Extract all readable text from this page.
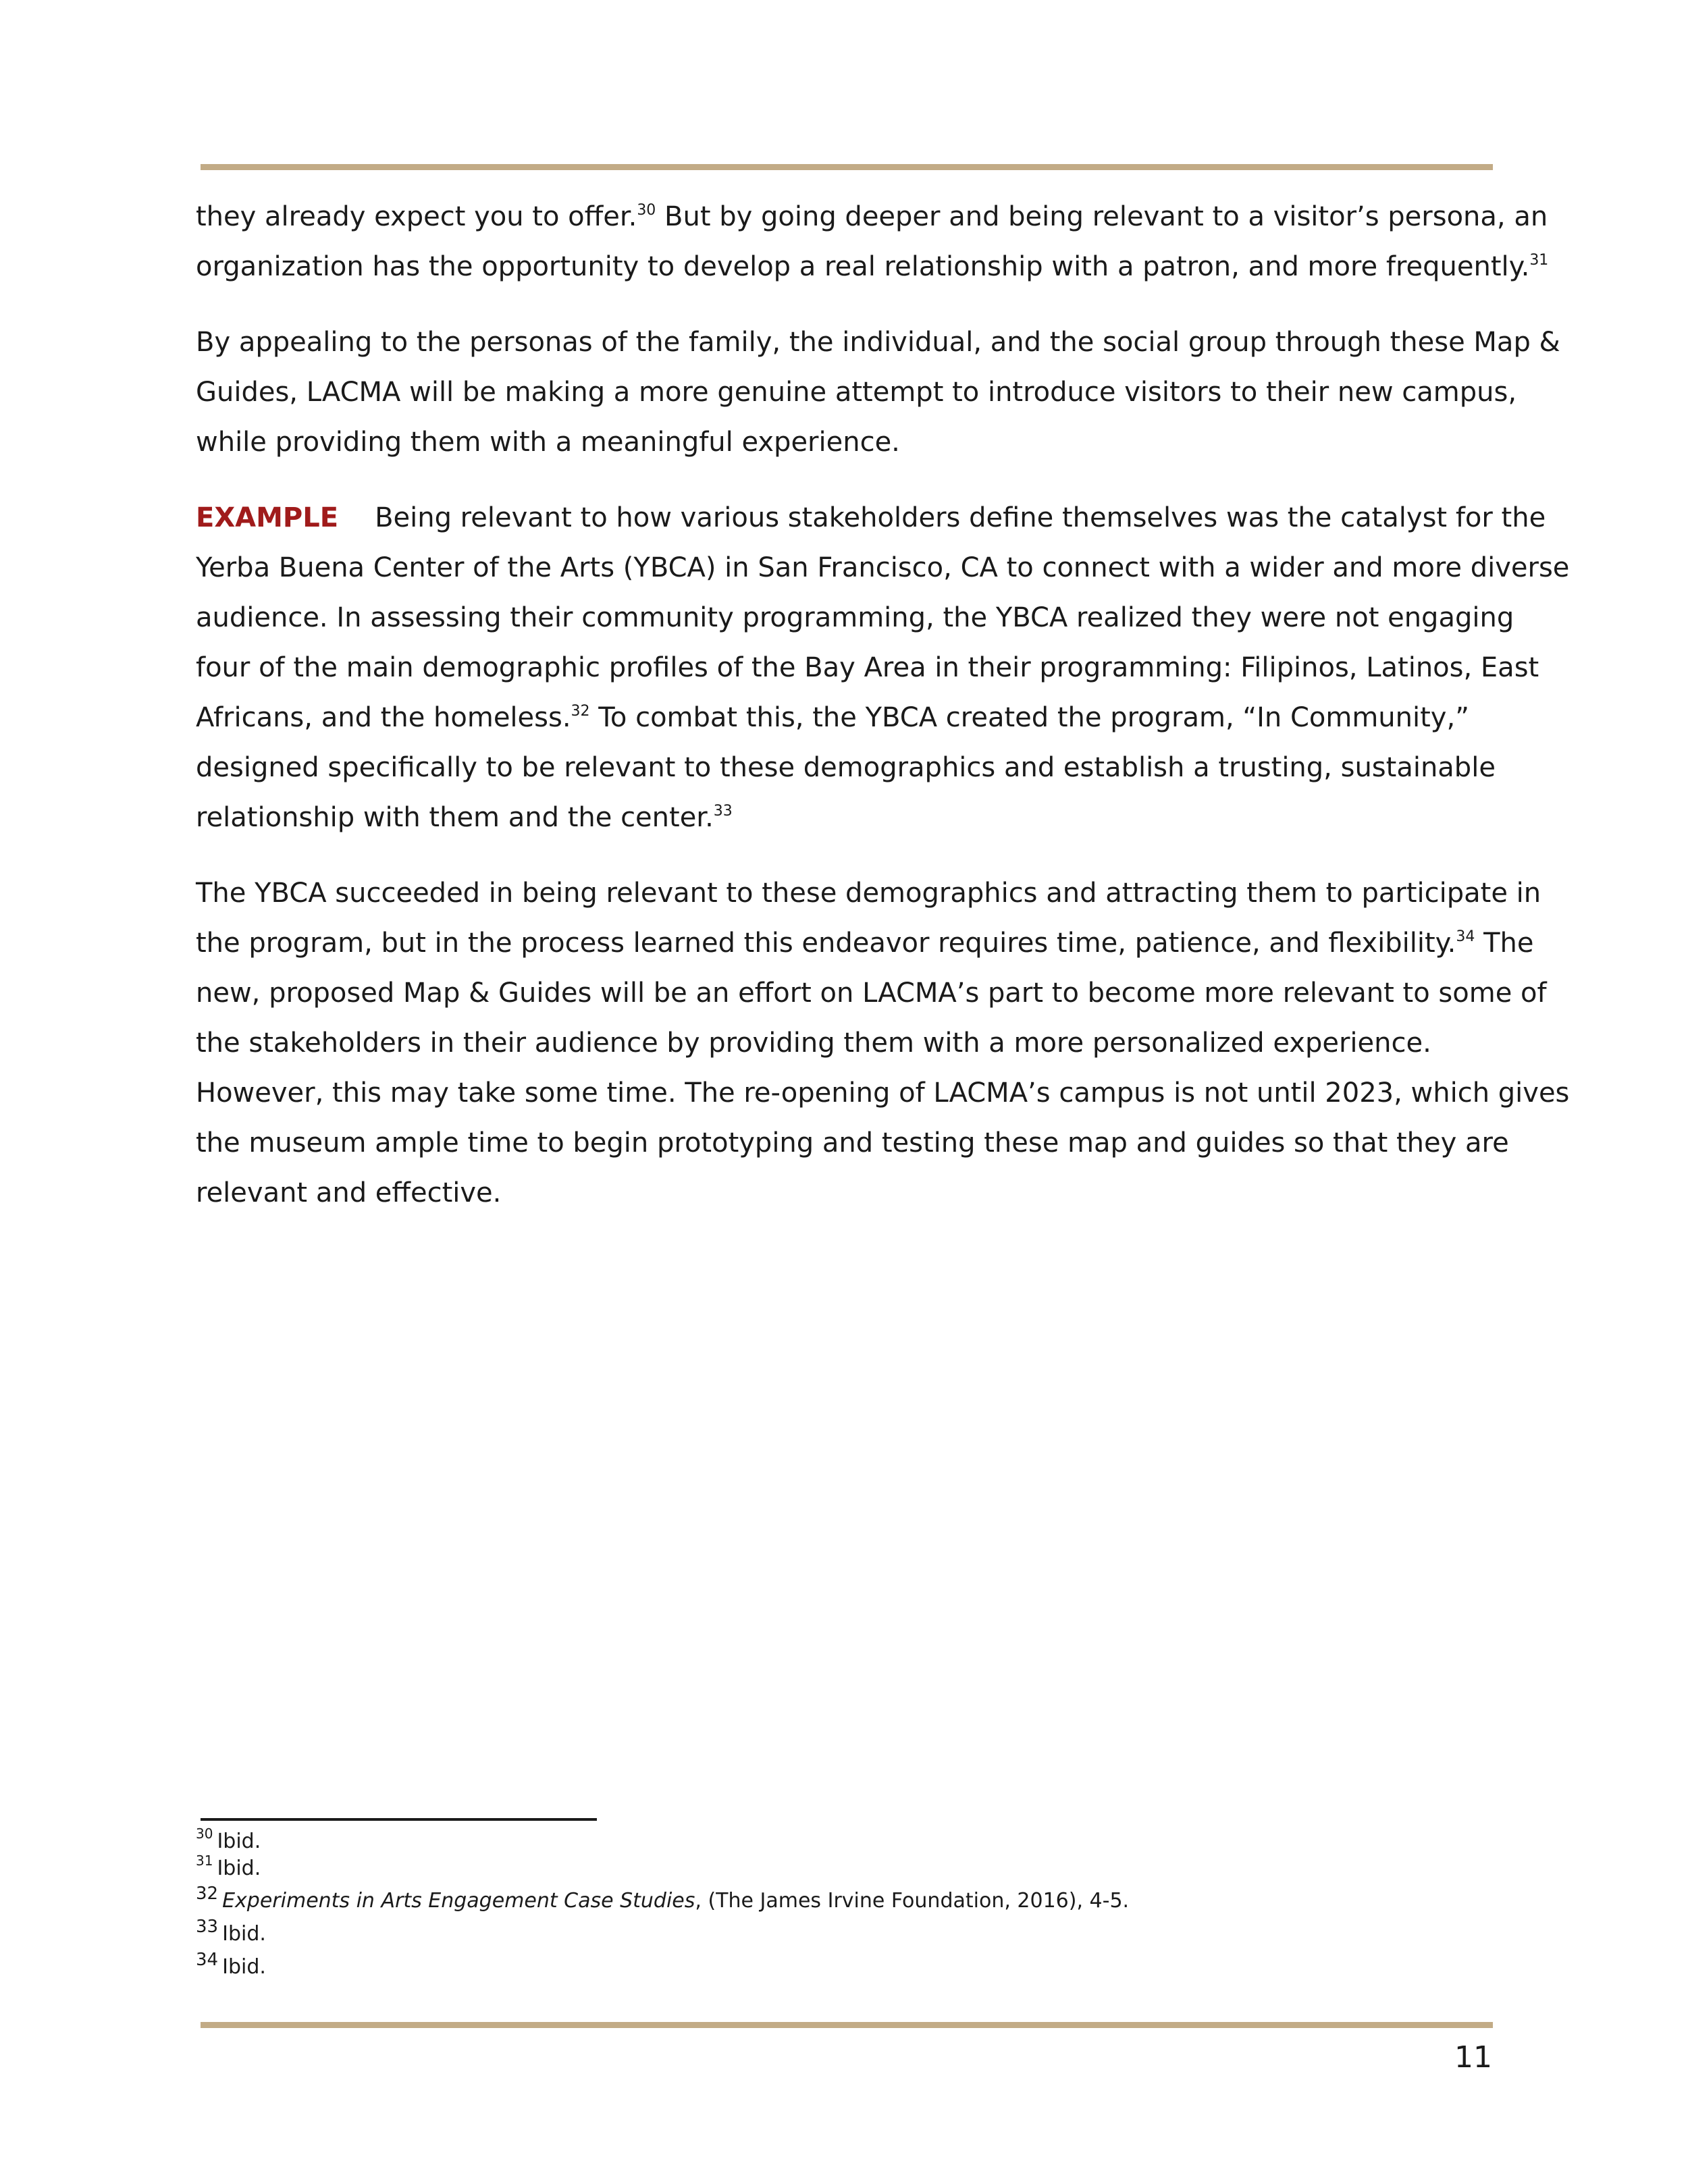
they already expect you to offer.$^{30}$ But by going deeper and being relevant to a visitor’s persona, an
organization has the opportunity to develop a real relationship with a patron, and more frequently.$^{31}$

By appealing to the personas of the family, the individual, and the social group through these Map &
Guides, LACMA will be making a more genuine attempt to introduce visitors to their new campus,
while providing them with a meaningful experience.

EXAMPLE Being relevant to how various stakeholders define themselves was the catalyst for the
Yerba Buena Center of the Arts (YBCA) in San Francisco, CA to connect with a wider and more diverse
audience. In assessing their community programming, the YBCA realized they were not engaging
four of the main demographic profiles of the Bay Area in their programming: Filipinos, Latinos, East
Africans, and the homeless.$^{32}$ To combat this, the YBCA created the program, “In Community,”
designed specifically to be relevant to these demographics and establish a trusting, sustainable
relationship with them and the center.$^{33}$

The YBCA succeeded in being relevant to these demographics and attracting them to participate in
the program, but in the process learned this endeavor requires time, patience, and flexibility.$^{34}$ The
new, proposed Map & Guides will be an effort on LACMA’s part to become more relevant to some of
the stakeholders in their audience by providing them with a more personalized experience.
However, this may take some time. The re-opening of LACMA’s campus is not until 2023, which gives
the museum ample time to begin prototyping and testing these map and guides so that they are
relevant and effective.

$^{30}$ Ibid.
$^{31}$ Ibid.
32 Experiments in Arts Engagement Case Studies, (The James Irvine Foundation, 2016), 4-5.
33 Ibid.
34 Ibid.
11
